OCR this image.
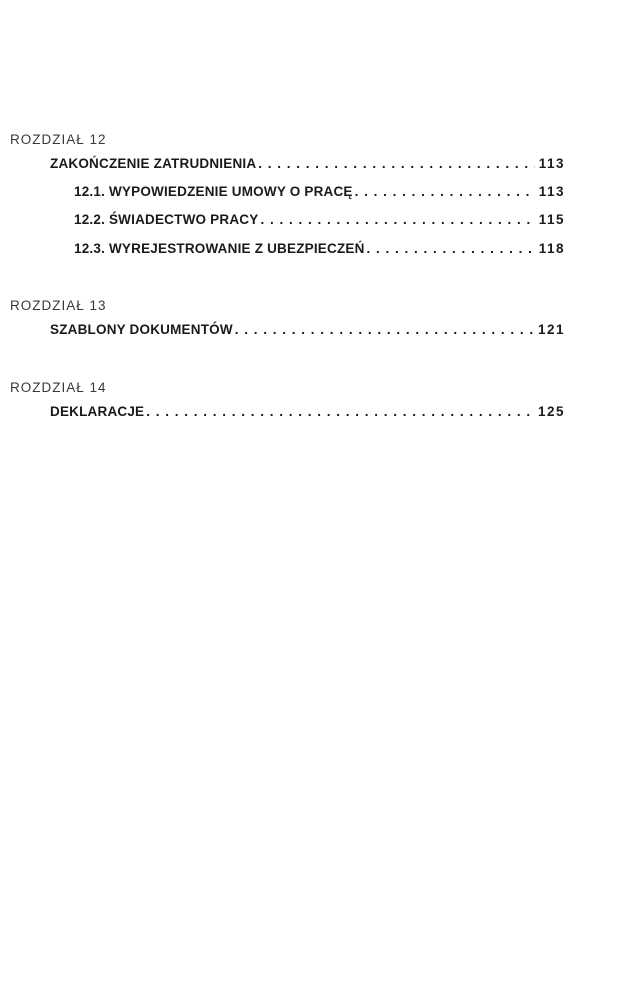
ROZDZIAŁ 12
ZAKOŃCZENIE ZATRUDNIENIA . . .	113
12.1. WYPOWIEDZENIE UMOWY O PRACĘ . . .	113
12.2. ŚWIADECTWO PRACY . . .	115
12.3. WYREJESTROWANIE Z UBEZPIECZEŃ . . .	118
ROZDZIAŁ 13
SZABLONY DOKUMENTÓW . . .	121
ROZDZIAŁ 14
DEKLARACJE . . .	125
